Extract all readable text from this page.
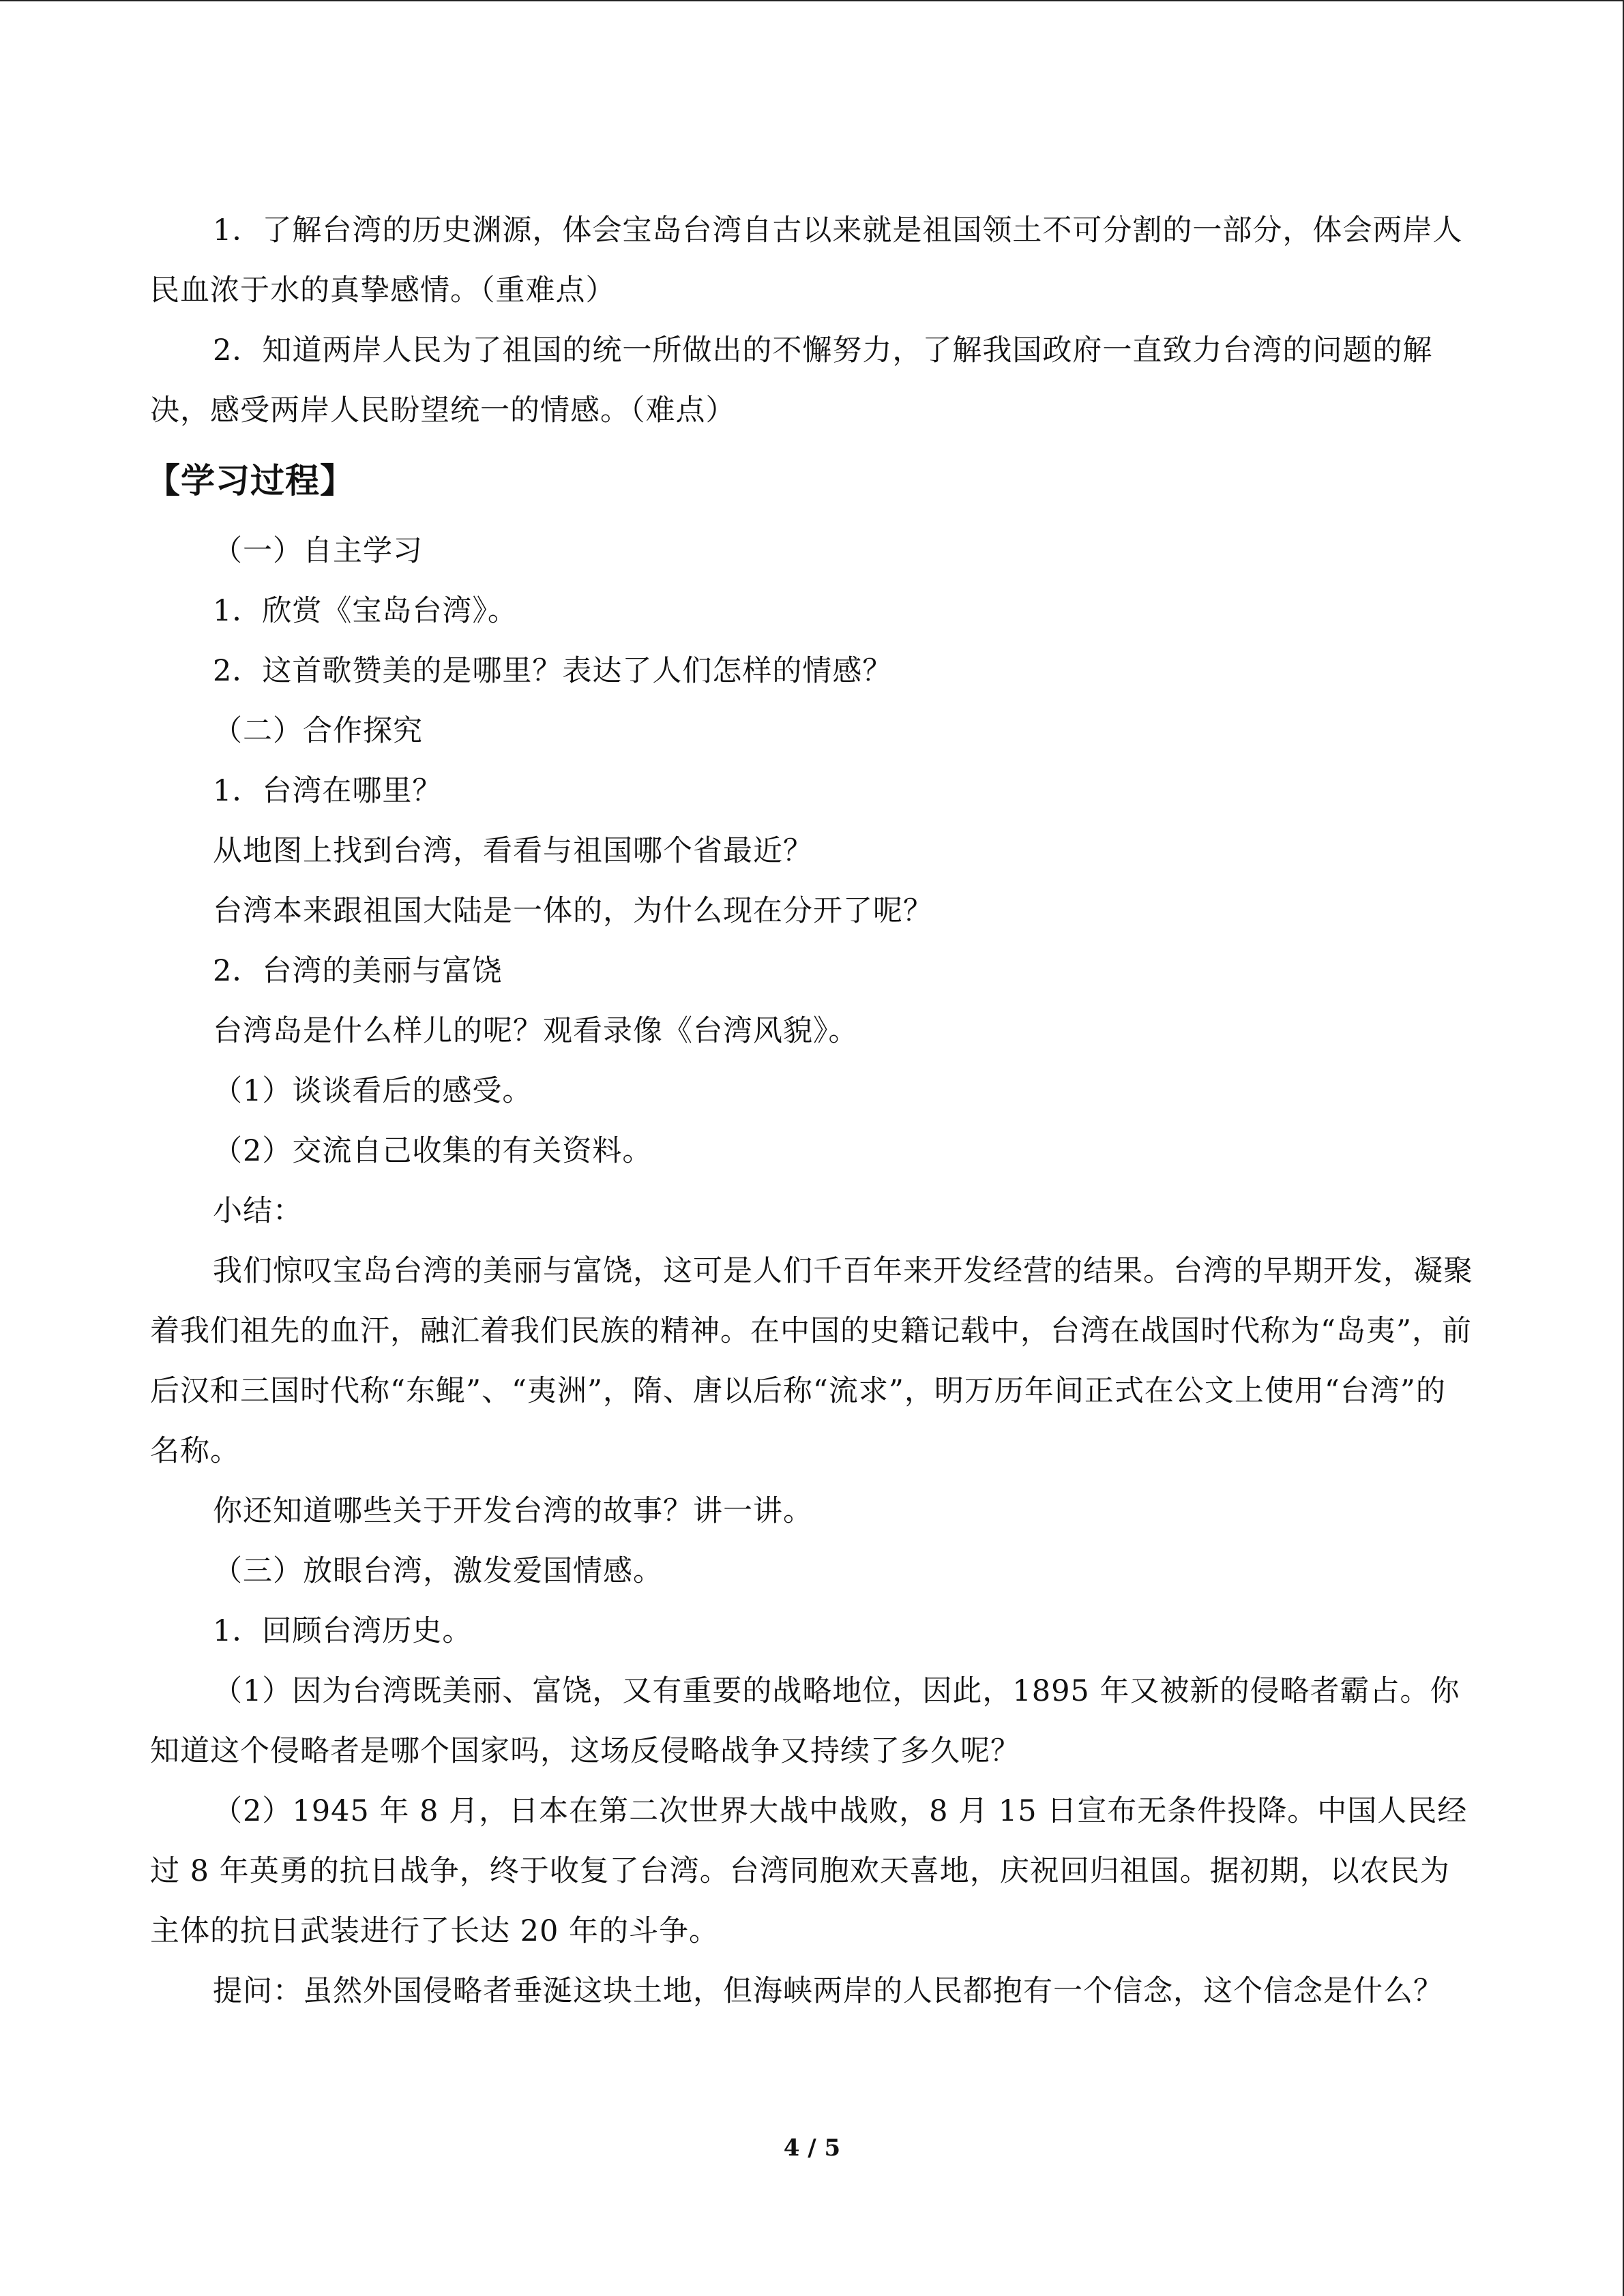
1．了解台湾的历史渊源，体会宝岛台湾自古以来就是祖国领土不可分割的一部分，体会两岸人民血浓于水的真挚感情。（重难点）

2．知道两岸人民为了祖国的统一所做出的不懈努力，了解我国政府一直致力台湾的问题的解决，感受两岸人民盼望统一的情感。（难点）

【学习过程】

（一）自主学习

1．欣赏《宝岛台湾》。

2．这首歌赞美的是哪里？表达了人们怎样的情感？

（二）合作探究

1．台湾在哪里？

从地图上找到台湾，看看与祖国哪个省最近？

台湾本来跟祖国大陆是一体的，为什么现在分开了呢？

2．台湾的美丽与富饶

台湾岛是什么样儿的呢？观看录像《台湾风貌》。

（1）谈谈看后的感受。

（2）交流自己收集的有关资料。

小结：

我们惊叹宝岛台湾的美丽与富饶，这可是人们千百年来开发经营的结果。台湾的早期开发，凝聚着我们祖先的血汗，融汇着我们民族的精神。在中国的史籍记载中，台湾在战国时代称为“岛夷”，前后汉和三国时代称“东鲲”、“夷洲”，隋、唐以后称“流求”，明万历年间正式在公文上使用“台湾”的名称。

你还知道哪些关于开发台湾的故事？讲一讲。

（三）放眼台湾，激发爱国情感。

1．回顾台湾历史。

（1）因为台湾既美丽、富饶，又有重要的战略地位，因此，1895 年又被新的侵略者霸占。你知道这个侵略者是哪个国家吗，这场反侵略战争又持续了多久呢？

（2）1945 年 8 月，日本在第二次世界大战中战败，8 月 15 日宣布无条件投降。中国人民经过 8 年英勇的抗日战争，终于收复了台湾。台湾同胞欢天喜地，庆祝回归祖国。据初期，以农民为主体的抗日武装进行了长达 20 年的斗争。

提问：虽然外国侵略者垂涎这块土地，但海峡两岸的人民都抱有一个信念，这个信念是什么？

4 / 5
